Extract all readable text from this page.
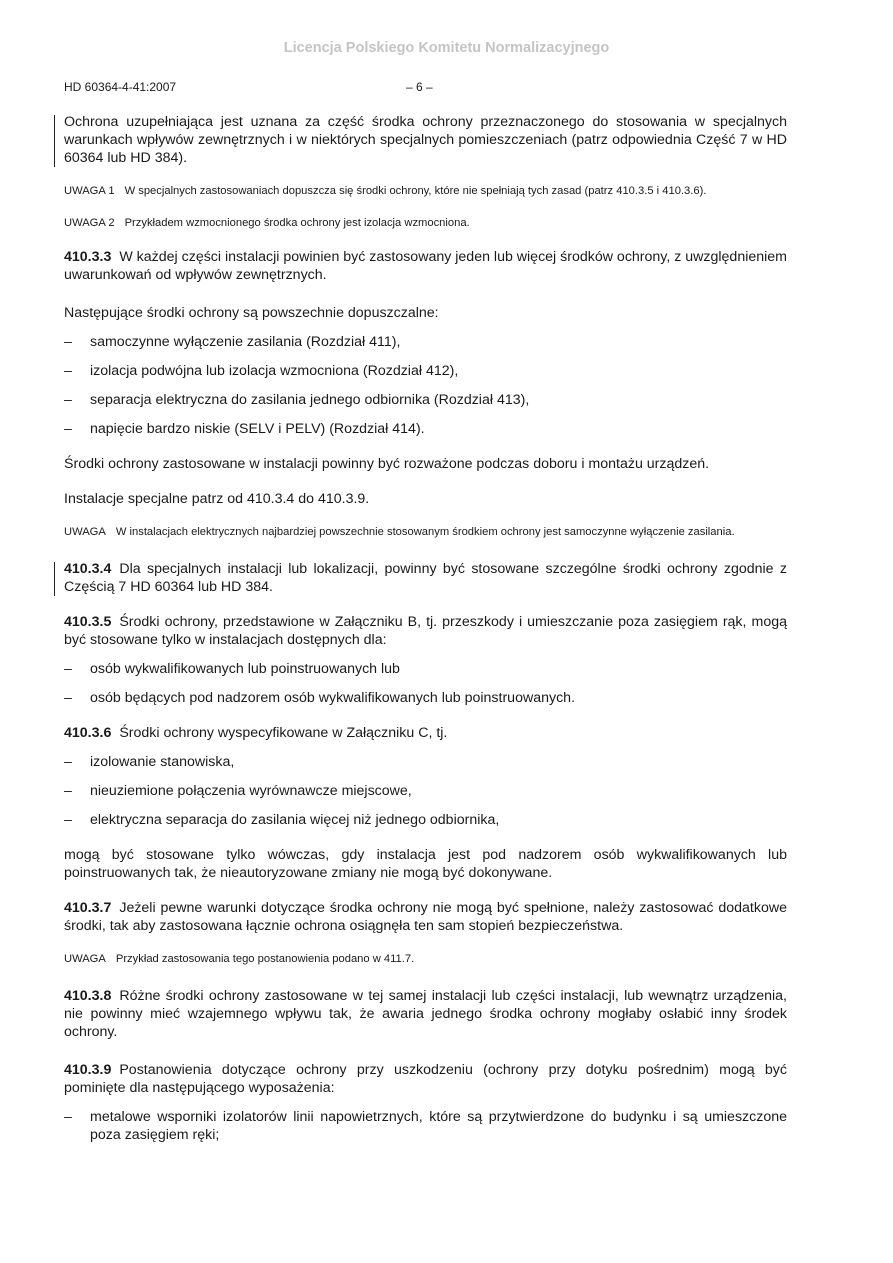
Licencja Polskiego Komitetu Normalizacyjnego
HD 60364-4-41:2007	– 6 –

Ochrona uzupełniająca jest uznana za część środka ochrony przeznaczonego do stosowania w specjalnych warunkach wpływów zewnętrznych i w niektórych specjalnych pomieszczeniach (patrz odpowiednia Część 7 w HD 60364 lub HD 384).

UWAGA 1 W specjalnych zastosowaniach dopuszcza się środki ochrony, które nie spełniają tych zasad (patrz 410.3.5 i 410.3.6).

UWAGA 2 Przykładem wzmocnionego środka ochrony jest izolacja wzmocniona.

410.3.3 W każdej części instalacji powinien być zastosowany jeden lub więcej środków ochrony, z uwzględnieniem uwarunkowań od wpływów zewnętrznych.

Następujące środki ochrony są powszechnie dopuszczalne:

– samoczynne wyłączenie zasilania (Rozdział 411),

– izolacja podwójna lub izolacja wzmocniona (Rozdział 412),

– separacja elektryczna do zasilania jednego odbiornika (Rozdział 413),

– napięcie bardzo niskie (SELV i PELV) (Rozdział 414).

Środki ochrony zastosowane w instalacji powinny być rozważone podczas doboru i montażu urządzeń.

Instalacje specjalne patrz od 410.3.4 do 410.3.9.

UWAGA W instalacjach elektrycznych najbardziej powszechnie stosowanym środkiem ochrony jest samoczynne wyłączenie zasilania.

410.3.4 Dla specjalnych instalacji lub lokalizacji, powinny być stosowane szczególne środki ochrony zgodnie z Częścią 7 HD 60364 lub HD 384.

410.3.5 Środki ochrony, przedstawione w Załączniku B, tj. przeszkody i umieszczanie poza zasięgiem rąk, mogą być stosowane tylko w instalacjach dostępnych dla:

– osób wykwalifikowanych lub poinstruowanych lub

– osób będących pod nadzorem osób wykwalifikowanych lub poinstruowanych.

410.3.6 Środki ochrony wyspecyfikowane w Załączniku C, tj.

– izolowanie stanowiska,

– nieuziemione połączenia wyrównawcze miejscowe,

– elektryczna separacja do zasilania więcej niż jednego odbiornika,

mogą być stosowane tylko wówczas, gdy instalacja jest pod nadzorem osób wykwalifikowanych lub poinstruowanych tak, że nieautoryzowane zmiany nie mogą być dokonywane.

410.3.7 Jeżeli pewne warunki dotyczące środka ochrony nie mogą być spełnione, należy zastosować dodatkowe środki, tak aby zastosowana łącznie ochrona osiągnęła ten sam stopień bezpieczeństwa.

UWAGA Przykład zastosowania tego postanowienia podano w 411.7.

410.3.8 Różne środki ochrony zastosowane w tej samej instalacji lub części instalacji, lub wewnątrz urządzenia, nie powinny mieć wzajemnego wpływu tak, że awaria jednego środka ochrony mogłaby osłabić inny środek ochrony.

410.3.9 Postanowienia dotyczące ochrony przy uszkodzeniu (ochrony przy dotyku pośrednim) mogą być pominięte dla następującego wyposażenia:

– metalowe wsporniki izolatorów linii napowietrznych, które są przytwierdzone do budynku i są umieszczone poza zasięgiem ręki;
